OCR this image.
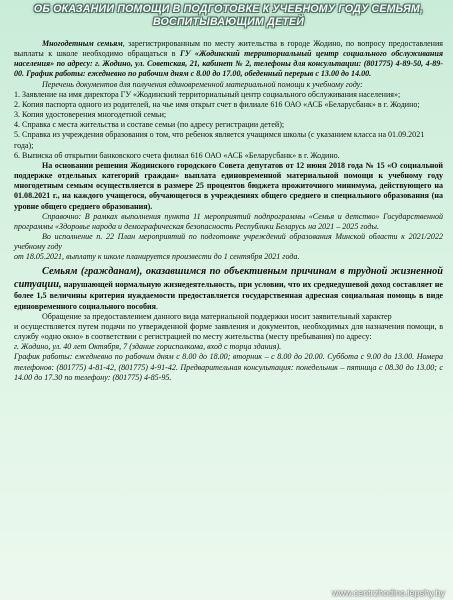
ОБ ОКАЗАНИИ ПОМОЩИ В ПОДГОТОВКЕ К УЧЕБНОМУ ГОДУ СЕМЬЯМ,
ВОСПИТЫВАЮЩИМ ДЕТЕЙ

Многодетным семьям, зарегистрированным по месту жительства в городе Жодино, по вопросу предоставления выплаты к школе необходимо обращаться в ГУ «Жодинский территориальный центр социального обслуживания населения» по адресу: г. Жодино, ул. Советская, 21, кабинет № 2, телефоны для консультации: (801775) 4-89-50, 4-89-00. График работы: ежедневно по рабочим дням с 8.00 до 17.00, обеденный перерыв с 13.00 до 14.00.

Перечень документов для получения единовременной материальной помощи к учебному году:

1. Заявление на имя директора ГУ «Жодинский территориальный центр социального обслуживания населения»;

2. Копия паспорта одного из родителей, на чье имя открыт счет в филиале 616 ОАО «АСБ «Беларусбанк» в г. Жодино;

3. Копия удостоверения многодетной семьи;

4. Справка с места жительства и составе семьи (по адресу регистрации детей);

5. Справка из учреждения образования о том, что ребенок является учащимся школы (с указанием класса на 01.09.2021 года);

6. Выписка об открытии банковского счета филиал 616 ОАО «АСБ «Беларусбанк» в г. Жодино.

На основании решения Жодинского городского Совета депутатов от 12 июня 2018 года № 15 «О социальной поддержке отдельных категорий граждан» выплата единовременной материальной помощи к учебному году многодетным семьям осуществляется в размере 25 процентов бюджета прожиточного минимума, действующего на 01.08.2021 г., на каждого учащегося, обучающегося в учреждениях общего среднего и специального образования (на уровне общего среднего образования).

Справочно: В рамках выполнения пункта 11 мероприятий подпрограммы «Семья и детство» Государственной программы «Здоровье народа и демографическая безопасность Республики Беларусь на 2021 – 2025 годы.

Во исполнение п. 22 План мероприятий по подготовке учреждений образования Минской области к 2021/2022 учебному году

от 18.05.2021, выплату к школе планируется произвести до 1 сентября 2021 года.

Семьям (гражданам), оказавшимся по объективным причинам в трудной жизненной ситуации, нарушающей нормальную жизнедеятельность, при условии, что их среднедушевой доход составляет не более 1,5 величины критерия нуждаемости предоставляется государственная адресная социальная помощь в виде единовременного социального пособия.

Обращение за предоставлением данного вида материальной поддержки носит заявительный характер

и осуществляется путем подачи по утвержденной форме заявления и документов, необходимых для назначения помощи, в службу «одно окно» в соответствии с регистрацией по месту жительства (месту пребывания) по адресу:

г. Жодино, ул. 40 лет Октября, 7 (здание горисполкома, вход с торца здания).

График работы: ежедневно по рабочим дням с 8.00 до 18.00; вторник – с 8.00 до 20.00. Суббота с 9.00 до 13.00. Номера телефонов: (801775) 4-81-42, (801775) 4-91-42. Предварительная консультация: понедельник – пятница с 08.30 до 13.00; с 14.00 до 17.30 по телефону: (801775) 4-85-95.

www.centrzhodino.lepshy.by
